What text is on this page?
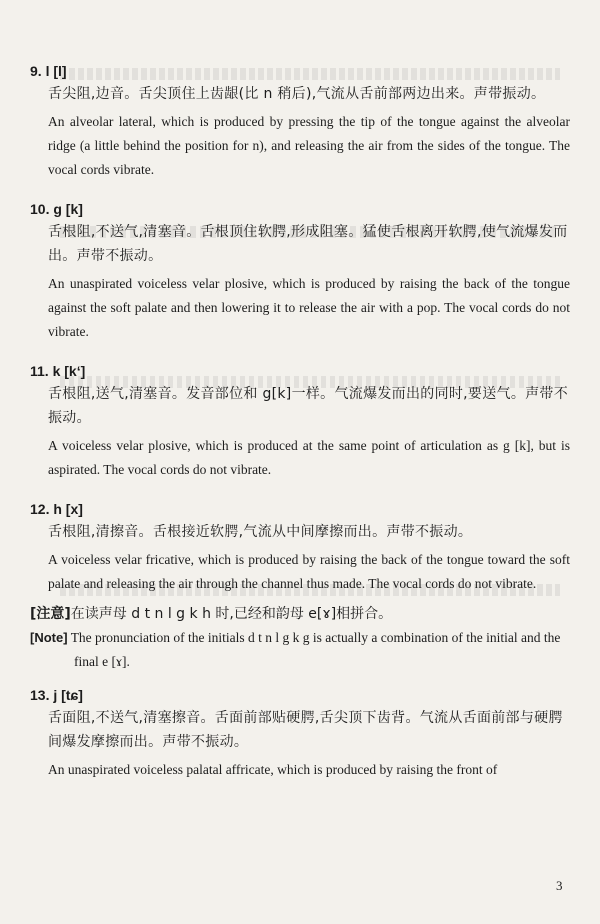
9. l [l]
舌尖阻,边音。舌尖顶住上齿龈(比 n 稍后),气流从舌前部两边出来。声带振动。
An alveolar lateral, which is produced by pressing the tip of the tongue against the alveolar ridge (a little behind the position for n), and releasing the air from the sides of the tongue. The vocal cords vibrate.
10. g [k]
舌根阻,不送气,清塞音。舌根顶住软腭,形成阻塞。猛使舌根离开软腭,使气流爆发而出。声带不振动。
An unaspirated voiceless velar plosive, which is produced by raising the back of the tongue against the soft palate and then lowering it to release the air with a pop. The vocal cords do not vibrate.
11. k [kʻ]
舌根阻,送气,清塞音。发音部位和 g[k]一样。气流爆发而出的同时,要送气。声带不振动。
A voiceless velar plosive, which is produced at the same point of articulation as g [k], but is aspirated. The vocal cords do not vibrate.
12. h [x]
舌根阻,清擦音。舌根接近软腭,气流从中间摩擦而出。声带不振动。
A voiceless velar fricative, which is produced by raising the back of the tongue toward the soft palate and releasing the air through the channel thus made. The vocal cords do not vibrate.
[注意]在读声母 d t n l g k h 时,已经和韵母 e[ɤ]相拼合。
[Note] The pronunciation of the initials d t n l g k g is actually a combination of the initial and the final e [ɤ].
13. j [tɕ]
舌面阻,不送气,清塞擦音。舌面前部贴硬腭,舌尖顶下齿背。气流从舌面前部与硬腭间爆发摩擦而出。声带不振动。
An unaspirated voiceless palatal affricate, which is produced by raising the front of
3
